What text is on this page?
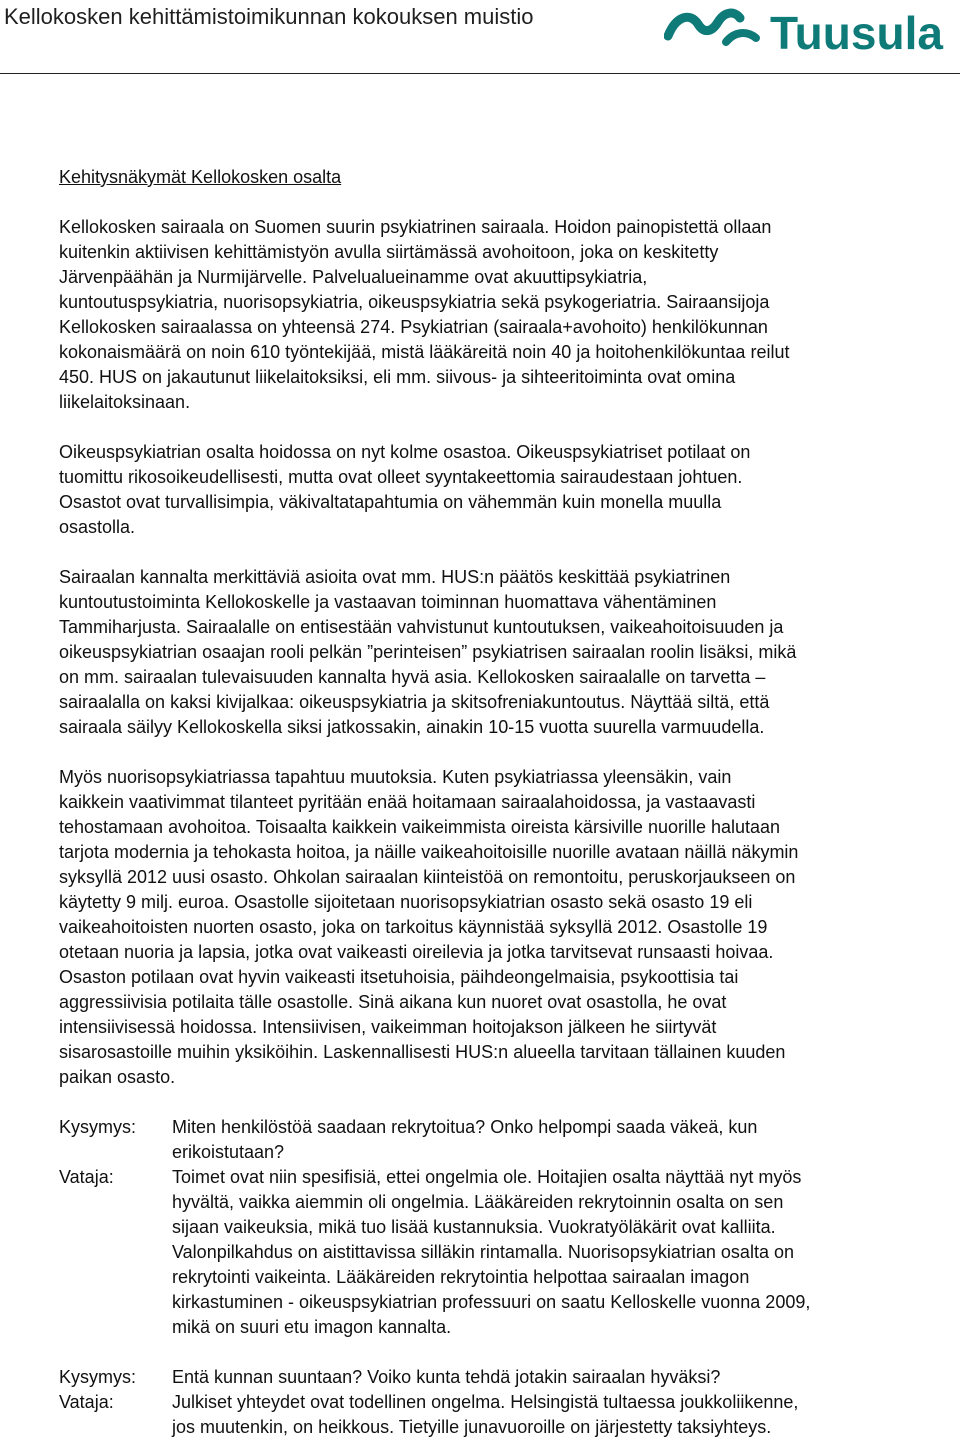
Kellokosken kehittämistoimikunnan kokouksen muistio	Tuusula
Kehitysnäkymät Kellokosken osalta
Kellokosken sairaala on Suomen suurin psykiatrinen sairaala. Hoidon painopistettä ollaan
kuitenkin aktiivisen kehittämistyön avulla siirtämässä avohoitoon, joka on keskitetty
Järvenpäähän ja Nurmijärvelle. Palvelualueinamme ovat akuuttipsykiatria,
kuntoutuspsykiatria, nuorisopsykiatria, oikeuspsykiatria sekä psykogeriatria. Sairaansijoja
Kellokosken sairaalassa on yhteensä 274. Psykiatrian (sairaala+avohoito) henkilökunnan
kokonaismäärä on noin 610 työntekijää, mistä lääkäreitä noin 40 ja hoitohenkilökuntaa reilut
450. HUS on jakautunut liikelaitoksiksi, eli mm. siivous- ja sihteeritoiminta ovat omina
liikelaitoksinaan.
Oikeuspsykiatrian osalta hoidossa on nyt kolme osastoa. Oikeuspsykiatriset potilaat on
tuomittu rikosoikeudellisesti, mutta ovat olleet syyntakeettomia sairaudestaan johtuen.
Osastot ovat turvallisimpia, väkivaltatapahtumia on vähemmän kuin monella muulla
osastolla.
Sairaalan kannalta merkittäviä asioita ovat mm. HUS:n päätös keskittää psykiatrinen
kuntoutustoiminta Kellokoskelle ja vastaavan toiminnan huomattava vähentäminen
Tammiharjusta. Sairaalalle on entisestään vahvistunut kuntoutuksen, vaikeahoitoisuuden ja
oikeuspsykiatrian osaajan rooli pelkän ”perinteisen” psykiatrisen sairaalan roolin lisäksi, mikä
on mm. sairaalan tulevaisuuden kannalta hyvä asia. Kellokosken sairaalalle on tarvetta –
sairaalalla on kaksi kivijalkaa: oikeuspsykiatria ja skitsofreniakuntoutus. Näyttää siltä, että
sairaala säilyy Kellokoskella siksi jatkossakin, ainakin 10-15 vuotta suurella varmuudella.
Myös nuorisopsykiatriassa tapahtuu muutoksia. Kuten psykiatriassa yleensäkin, vain
kaikkein vaativimmat tilanteet pyritään enää hoitamaan sairaalahoidossa, ja vastaavasti
tehostamaan avohoitoa. Toisaalta kaikkein vaikeimmista oireista kärsiville nuorille halutaan
tarjota modernia ja tehokasta hoitoa, ja näille vaikeahoitoisille nuorille avataan näillä näkymin
syksyllä 2012 uusi osasto. Ohkolan sairaalan kiinteistöä on remontoitu, peruskorjaukseen on
käytetty 9 milj. euroa. Osastolle sijoitetaan nuorisopsykiatrian osasto sekä osasto 19 eli
vaikeahoitoisten nuorten osasto, joka on tarkoitus käynnistää syksyllä 2012. Osastolle 19
otetaan nuoria ja lapsia, jotka ovat vaikeasti oireilevia ja jotka tarvitsevat runsaasti hoivaa.
Osaston potilaan ovat hyvin vaikeasti itsetuhoisia, päihdeongelmaisia, psykoottisia tai
aggressiivisia potilaita tälle osastolle. Sinä aikana kun nuoret ovat osastolla, he ovat
intensiivisessä hoidossa. Intensiivisen, vaikeimman hoitojakson jälkeen he siirtyvät
sisarosastoille muihin yksiköihin. Laskennallisesti HUS:n alueella tarvitaan tällainen kuuden
paikan osasto.
Kysymys:	Miten henkilöstöä saadaan rekrytoitua? Onko helpompi saada väkeä, kun
erikoistutaan?
Vataja:	Toimet ovat niin spesifisiä, ettei ongelmia ole. Hoitajien osalta näyttää nyt myös
hyvältä, vaikka aiemmin oli ongelmia. Lääkäreiden rekrytoinnin osalta on sen
sijaan vaikeuksia, mikä tuo lisää kustannuksia. Vuokratyöläkärit ovat kalliita.
Valonpilkahdus on aistittavissa silläkin rintamalla. Nuorisopsykiatrian osalta on
rekrytointi vaikeinta. Lääkäreiden rekrytointia helpottaa sairaalan imagon
kirkastuminen - oikeuspsykiatrian professuuri on saatu Kelloskelle vuonna 2009,
mikä on suuri etu imagon kannalta.
Kysymys:	Entä kunnan suuntaan? Voiko kunta tehdä jotakin sairaalan hyväksi?
Vataja:	Julkiset yhteydet ovat todellinen ongelma. Helsingistä tultaessa joukkoliikenne,
jos muutenkin, on heikkous. Tietyille junavuoroille on järjestetty taksiyhteys.
